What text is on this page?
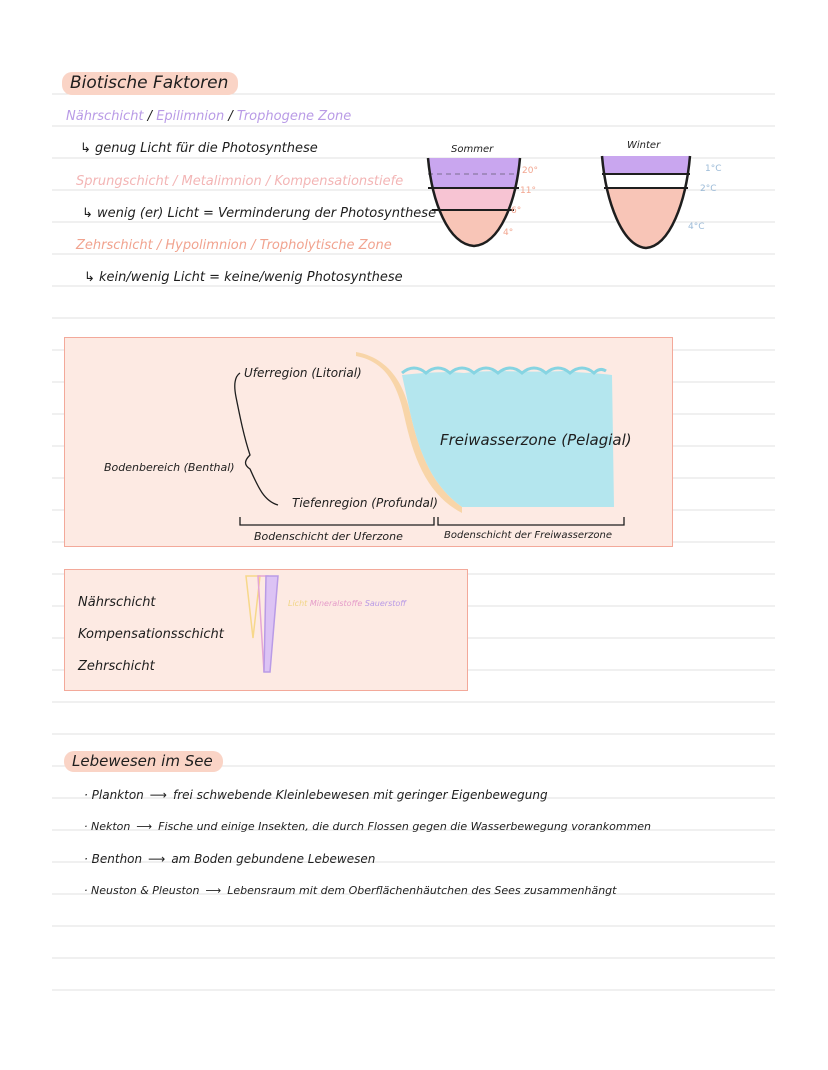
Biotische Faktoren
Nährschicht / Epilimnion / Trophogene Zone
↳ genug Licht für die Photosynthese
Sprungschicht / Metalimnion / Kompensationstiefe
↳ wenig (er) Licht = Verminderung der Photosynthese
Zehrschicht / Hypolimnion / Tropholytische Zone
↳ kein/wenig Licht = keine/wenig Photosynthese
Sommer
20°
11°
6°
4°
Winter
1°C
2°C
4°C
Uferregion (Litorial)
Bodenbereich (Benthal)
Tiefenregion (Profundal)
Freiwasserzone (Pelagial)
Bodenschicht der Uferzone	Bodenschicht der Freiwasserzone
Licht Mineralstoffe Sauerstoff
Nährschicht
Kompensationsschicht
Zehrschicht
Lebewesen im See
· Plankton ⟶ frei schwebende Kleinlebewesen mit geringer Eigenbewegung
· Nekton ⟶ Fische und einige Insekten, die durch Flossen gegen die Wasserbewegung vorankommen
· Benthon ⟶ am Boden gebundene Lebewesen
· Neuston & Pleuston ⟶ Lebensraum mit dem Oberflächenhäutchen des Sees zusammenhängt
